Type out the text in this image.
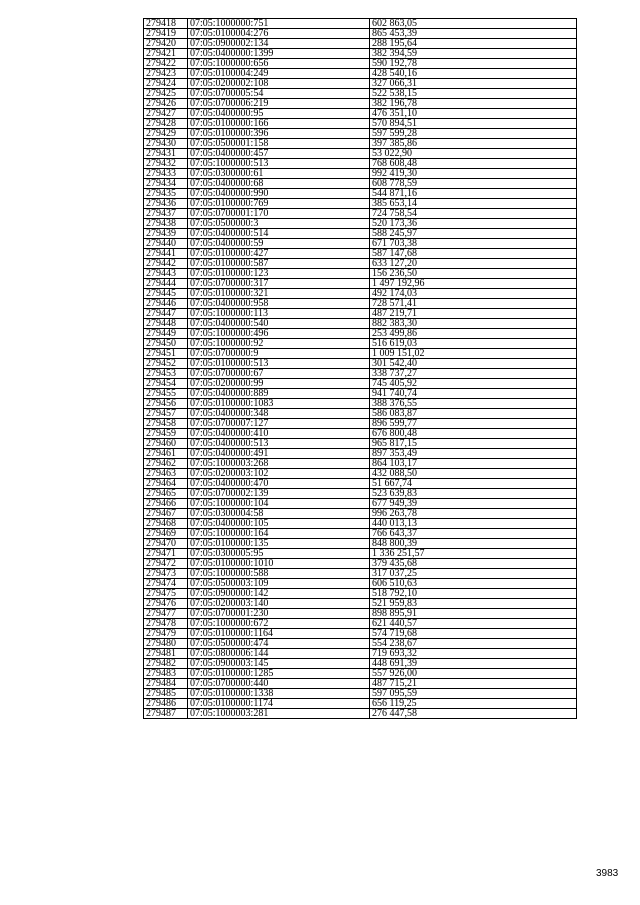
279418	07:05:1000000:751	602 863,05
279419	07:05:0100004:276	865 453,39
279420	07:05:0900002:134	288 195,64
279421	07:05:0400000:1399	382 394,59
279422	07:05:1000000:656	590 192,78
279423	07:05:0100004:249	428 540,16
279424	07:05:0200002:108	327 066,31
279425	07:05:0700005:54	522 538,15
279426	07:05:0700006:219	382 196,78
279427	07:05:0400000:95	476 351,10
279428	07:05:0100000:166	570 894,51
279429	07:05:0100000:396	597 599,28
279430	07:05:0500001:158	397 385,86
279431	07:05:0400000:457	53 022,90
279432	07:05:1000000:513	768 608,48
279433	07:05:0300000:61	992 419,30
279434	07:05:0400000:68	608 778,59
279435	07:05:0400000:990	544 871,16
279436	07:05:0100000:769	385 653,14
279437	07:05:0700001:170	724 758,54
279438	07:05:0500000:3	520 173,36
279439	07:05:0400000:514	588 245,97
279440	07:05:0400000:59	671 703,38
279441	07:05:0100000:427	587 147,68
279442	07:05:0100000:587	633 127,20
279443	07:05:0100000:123	156 236,50
279444	07:05:0700000:317	1 497 192,96
279445	07:05:0100000:321	492 174,03
279446	07:05:0400000:958	728 571,41
279447	07:05:1000000:113	487 219,71
279448	07:05:0400000:540	882 383,30
279449	07:05:1000000:496	253 499,86
279450	07:05:1000000:92	516 619,03
279451	07:05:0700000:9	1 009 151,02
279452	07:05:0100000:513	301 542,40
279453	07:05:0700000:67	338 737,27
279454	07:05:0200000:99	745 405,92
279455	07:05:0400000:889	941 740,74
279456	07:05:0100000:1083	388 376,55
279457	07:05:0400000:348	586 083,87
279458	07:05:0700007:127	896 599,77
279459	07:05:0400000:410	676 800,48
279460	07:05:0400000:513	965 817,15
279461	07:05:0400000:491	897 353,49
279462	07:05:1000003:268	864 103,17
279463	07:05:0200003:102	432 088,50
279464	07:05:0400000:470	51 667,74
279465	07:05:0700002:139	523 639,83
279466	07:05:1000000:104	677 949,39
279467	07:05:0300004:58	996 263,78
279468	07:05:0400000:105	440 013,13
279469	07:05:1000000:164	766 643,37
279470	07:05:0100000:135	848 800,39
279471	07:05:0300005:95	1 336 251,57
279472	07:05:0100000:1010	379 435,68
279473	07:05:1000000:588	317 037,25
279474	07:05:0500003:109	606 510,63
279475	07:05:0900000:142	518 792,10
279476	07:05:0200003:140	521 959,83
279477	07:05:0700001:230	898 895,91
279478	07:05:1000000:672	621 440,57
279479	07:05:0100000:1164	574 719,68
279480	07:05:0500000:474	554 238,67
279481	07:05:0800006:144	719 693,32
279482	07:05:0900003:145	448 691,39
279483	07:05:0100000:1285	557 926,00
279484	07:05:0700000:440	487 715,21
279485	07:05:0100000:1338	597 095,59
279486	07:05:0100000:1174	656 119,25
279487	07:05:1000003:281	276 447,58
3983
